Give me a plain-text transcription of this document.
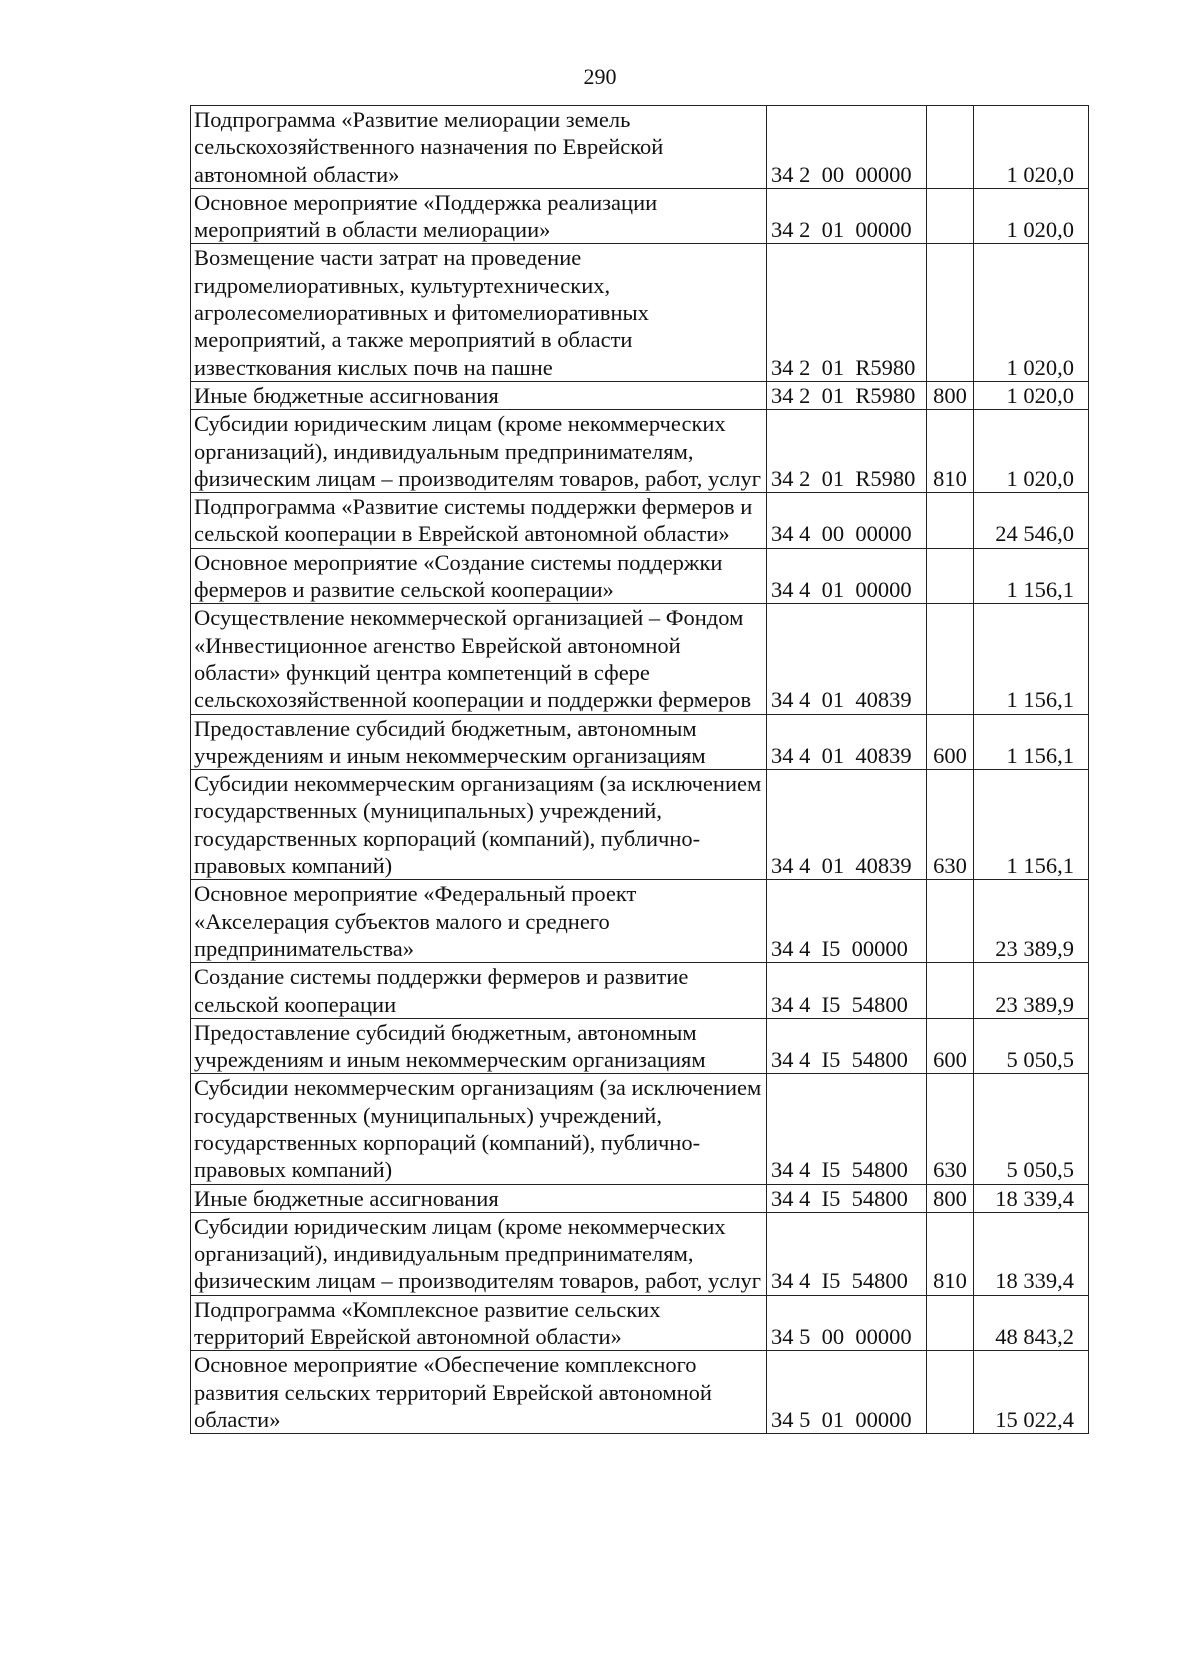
290
Подпрограмма «Развитие мелиорации земель сельскохозяйственного назначения по Еврейской автономной области»	34 2  00  00000		1 020,0
Основное мероприятие «Поддержка реализации мероприятий в области мелиорации»	34 2  01  00000		1 020,0
Возмещение части затрат на проведение гидромелиоративных, культуртехнических, агролесомелиоративных и фитомелиоративных мероприятий, а также мероприятий в области известкования кислых почв на пашне	34 2  01  R5980		1 020,0
Иные бюджетные ассигнования	34 2  01  R5980	800	1 020,0
Субсидии юридическим лицам (кроме некоммерческих организаций), индивидуальным предпринимателям, физическим лицам – производителям товаров, работ, услуг	34 2  01  R5980	810	1 020,0
Подпрограмма «Развитие системы поддержки фермеров и сельской кооперации в Еврейской автономной области»	34 4  00  00000		24 546,0
Основное мероприятие «Создание системы поддержки фермеров и развитие сельской кооперации»	34 4  01  00000		1 156,1
Осуществление некоммерческой организацией – Фондом «Инвестиционное агенство Еврейской автономной области» функций центра компетенций в сфере сельскохозяйственной кооперации и поддержки фермеров	34 4  01  40839		1 156,1
Предоставление субсидий бюджетным, автономным учреждениям и иным некоммерческим организациям	34 4  01  40839	600	1 156,1
Субсидии некоммерческим организациям (за исключением государственных (муниципальных) учреждений, государственных корпораций (компаний), публично-правовых компаний)	34 4  01  40839	630	1 156,1
Основное мероприятие «Федеральный проект «Акселерация субъектов малого и среднего предпринимательства»	34 4  I5  00000		23 389,9
Создание системы поддержки фермеров и развитие сельской кооперации	34 4  I5  54800		23 389,9
Предоставление субсидий бюджетным, автономным учреждениям и иным некоммерческим организациям	34 4  I5  54800	600	5 050,5
Субсидии некоммерческим организациям (за исключением государственных (муниципальных) учреждений, государственных корпораций (компаний), публично-правовых компаний)	34 4  I5  54800	630	5 050,5
Иные бюджетные ассигнования	34 4  I5  54800	800	18 339,4
Субсидии юридическим лицам (кроме некоммерческих организаций), индивидуальным предпринимателям, физическим лицам – производителям товаров, работ, услуг	34 4  I5  54800	810	18 339,4
Подпрограмма «Комплексное развитие сельских территорий Еврейской автономной области»	34 5  00  00000		48 843,2
Основное мероприятие «Обеспечение комплексного развития сельских территорий Еврейской автономной области»	34 5  01  00000		15 022,4
